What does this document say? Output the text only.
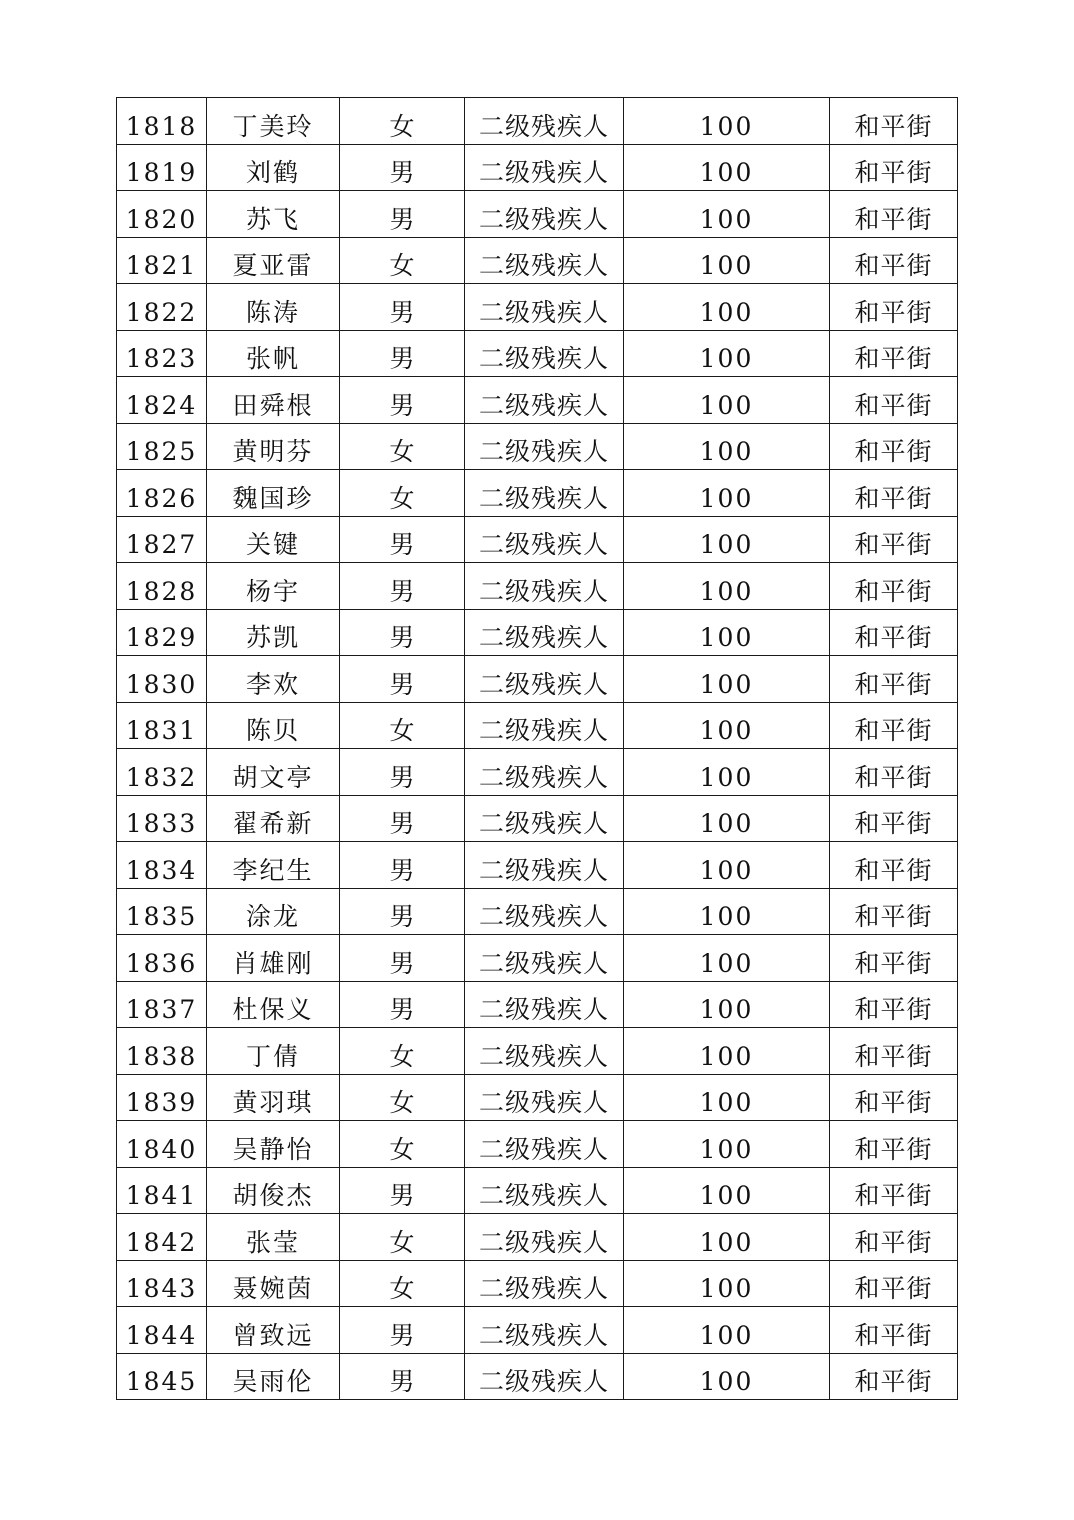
1818	丁美玲	女	二级残疾人	100	和平街
1819	刘鹤	男	二级残疾人	100	和平街
1820	苏飞	男	二级残疾人	100	和平街
1821	夏亚雷	女	二级残疾人	100	和平街
1822	陈涛	男	二级残疾人	100	和平街
1823	张帆	男	二级残疾人	100	和平街
1824	田舜根	男	二级残疾人	100	和平街
1825	黄明芬	女	二级残疾人	100	和平街
1826	魏国珍	女	二级残疾人	100	和平街
1827	关键	男	二级残疾人	100	和平街
1828	杨宇	男	二级残疾人	100	和平街
1829	苏凯	男	二级残疾人	100	和平街
1830	李欢	男	二级残疾人	100	和平街
1831	陈贝	女	二级残疾人	100	和平街
1832	胡文亭	男	二级残疾人	100	和平街
1833	翟希新	男	二级残疾人	100	和平街
1834	李纪生	男	二级残疾人	100	和平街
1835	涂龙	男	二级残疾人	100	和平街
1836	肖雄刚	男	二级残疾人	100	和平街
1837	杜保义	男	二级残疾人	100	和平街
1838	丁倩	女	二级残疾人	100	和平街
1839	黄羽琪	女	二级残疾人	100	和平街
1840	吴静怡	女	二级残疾人	100	和平街
1841	胡俊杰	男	二级残疾人	100	和平街
1842	张莹	女	二级残疾人	100	和平街
1843	聂婉茵	女	二级残疾人	100	和平街
1844	曾致远	男	二级残疾人	100	和平街
1845	吴雨伦	男	二级残疾人	100	和平街
